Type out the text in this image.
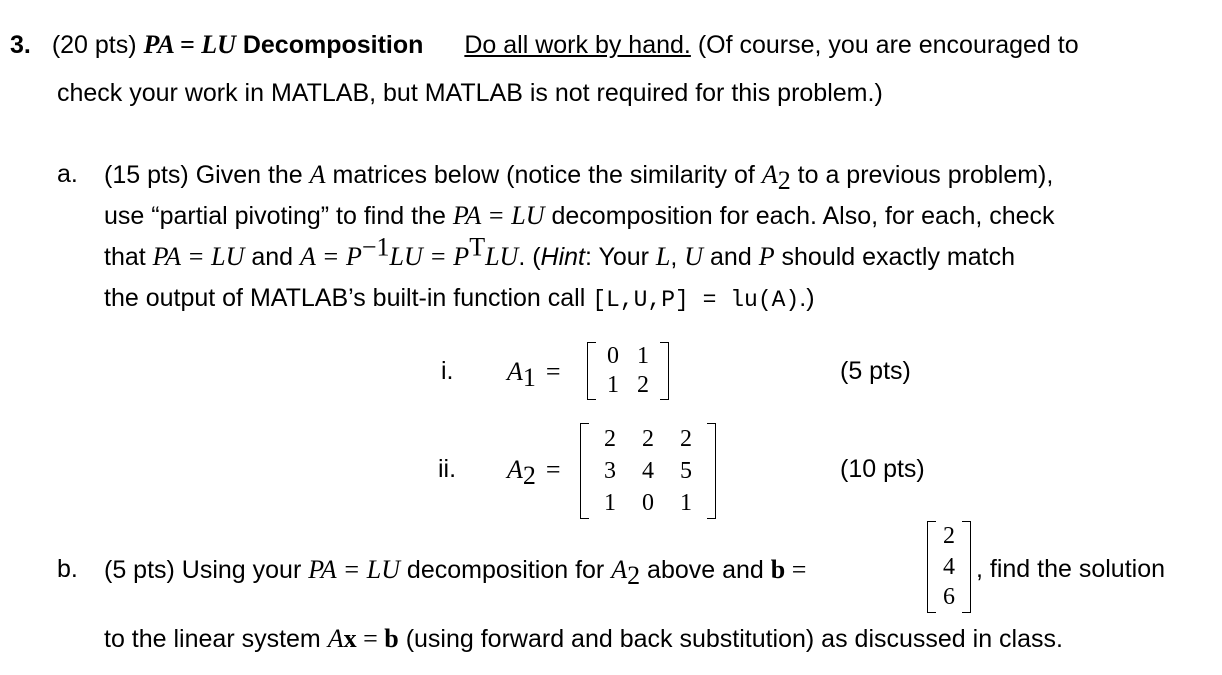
3. (20 pts) PA = LU Decomposition Do all work by hand. (Of course, you are encouraged to
check your work in MATLAB, but MATLAB is not required for this problem.)
a. (15 pts) Given the A matrices below (notice the similarity of $A_2$ to a previous problem),
use “partial pivoting” to find the PA = LU decomposition for each. Also, for each, check
that PA = LU and $A = P^{-1}LU = P^TLU$. (Hint: Your L, U and P should exactly match
the output of MATLAB’s built-in function call [L,U,P] = lu(A).)
i. $A_1$ =
0 1
1 2	(5 pts)
ii. $A_2$ =
2	2	2
3	4	5
1	0	1
(10 pts)
b. (5 pts) Using your PA = LU decomposition for $A_2$ above and b =
2
4
6
, find the solution
to the linear system Ax = b (using forward and back substitution) as discussed in class.
